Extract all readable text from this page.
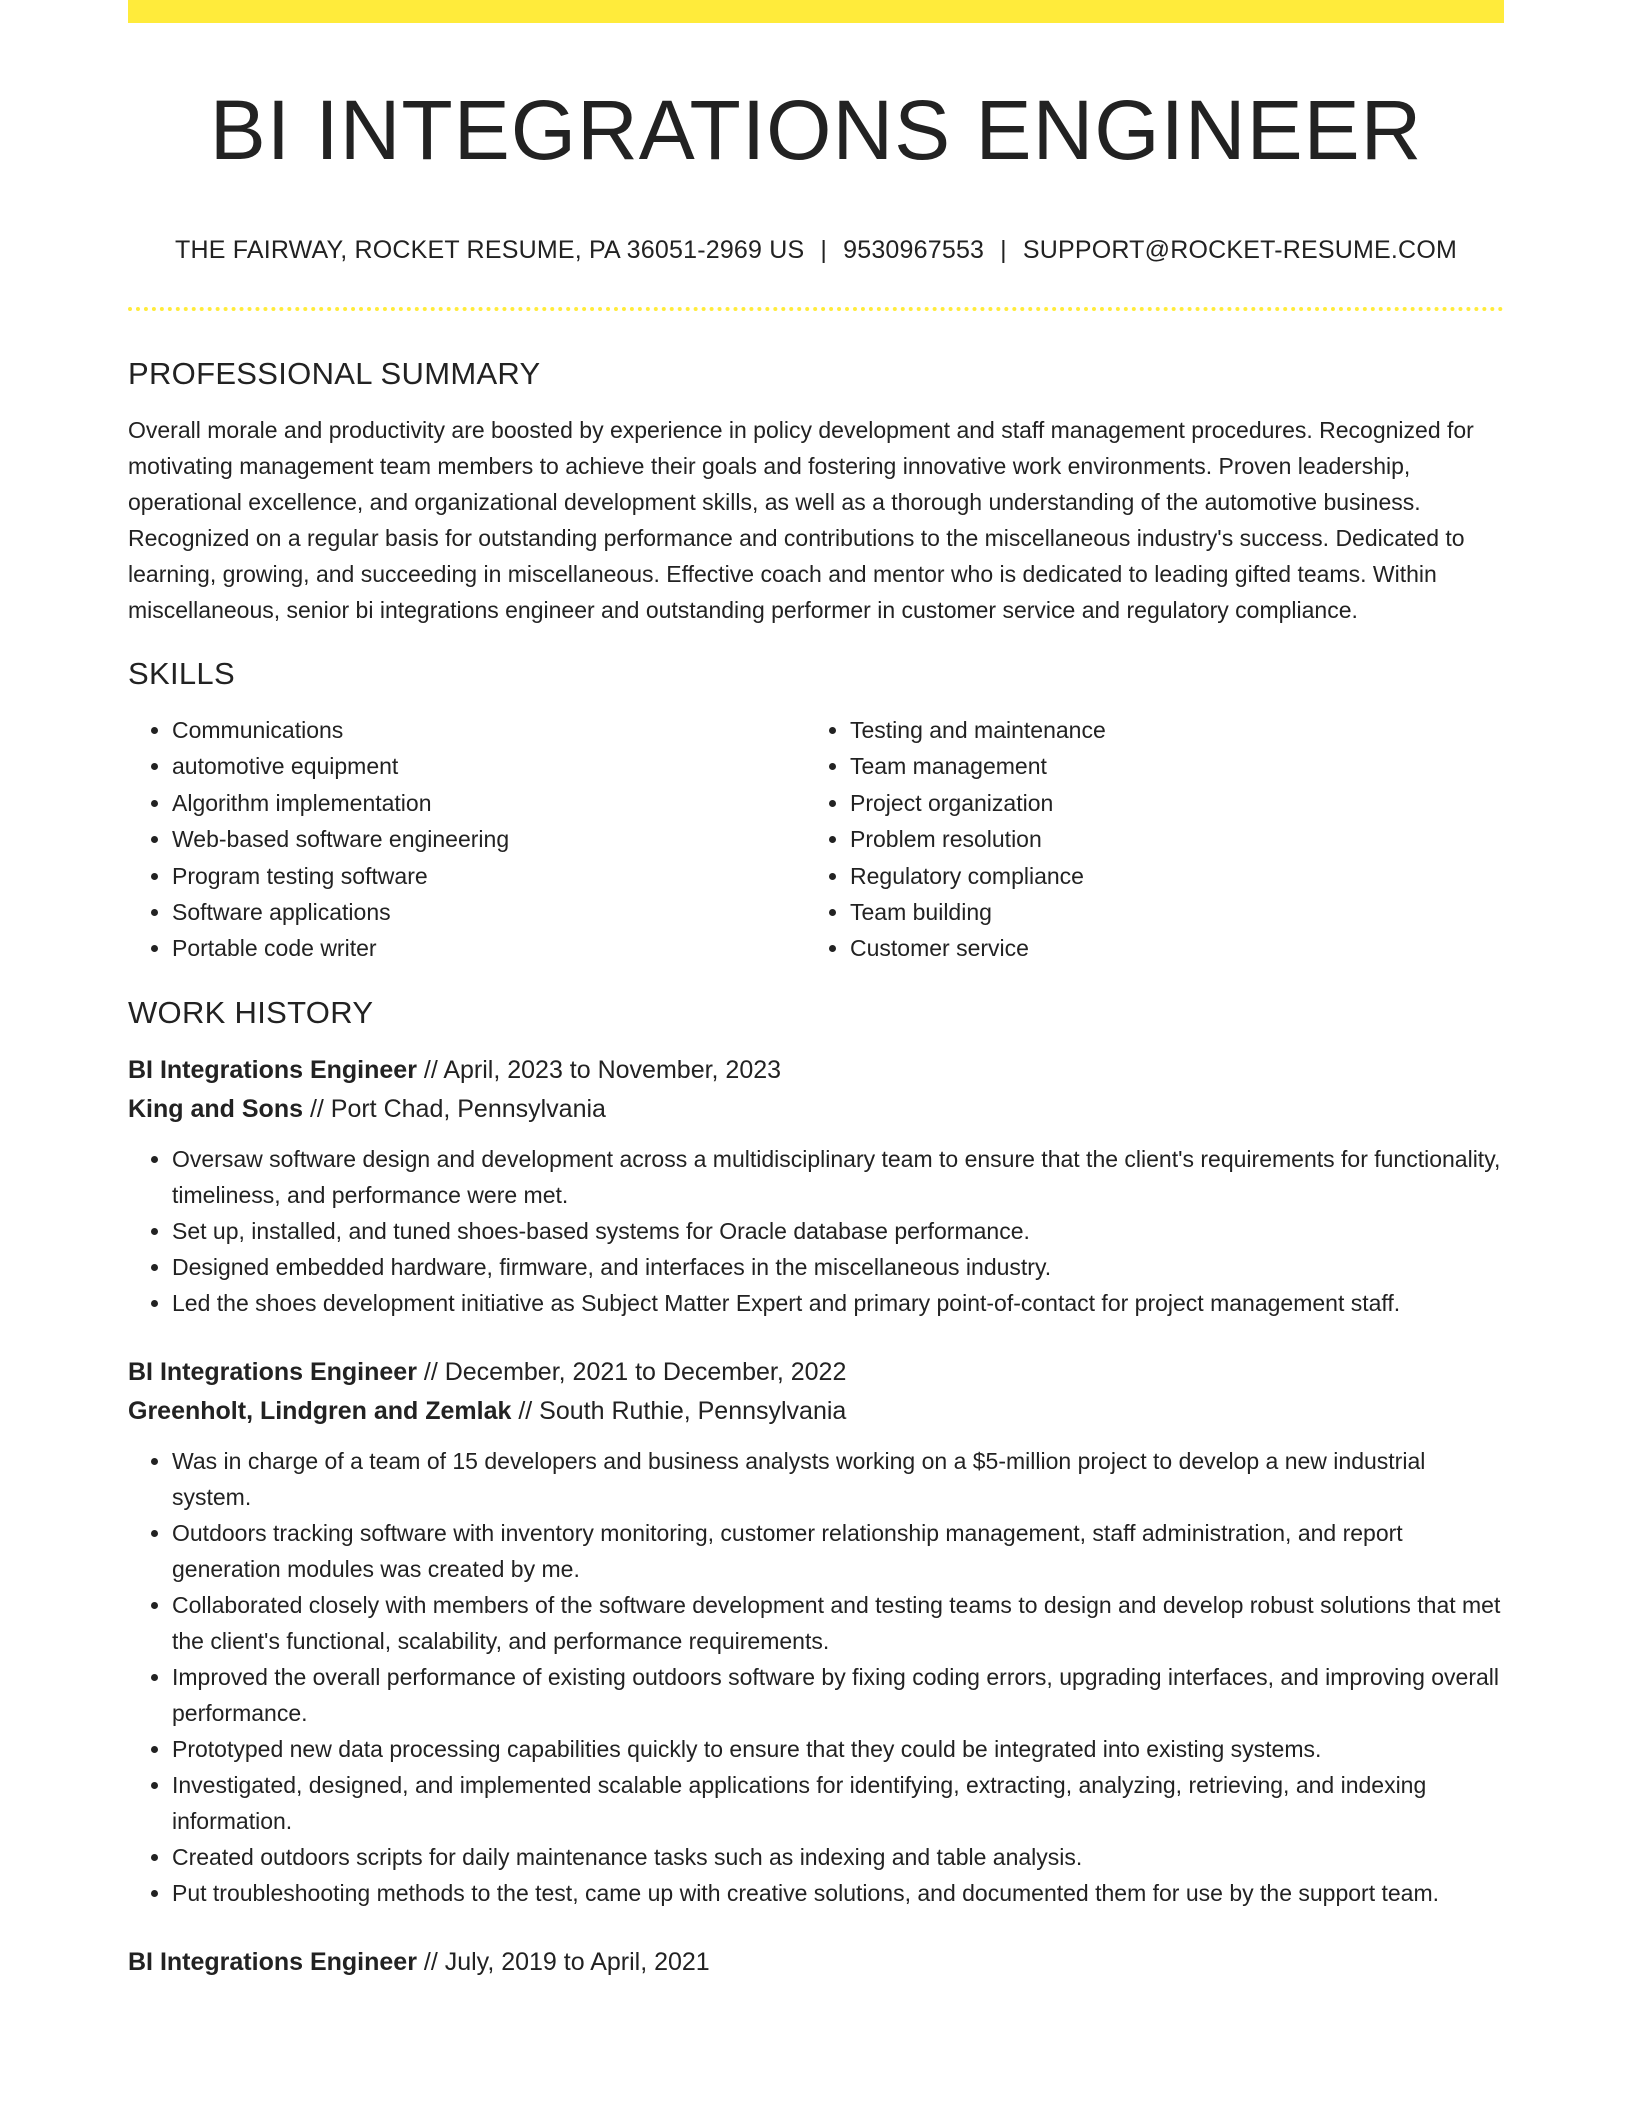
BI INTEGRATIONS ENGINEER
THE FAIRWAY, ROCKET RESUME, PA 36051-2969 US | 9530967553 | SUPPORT@ROCKET-RESUME.COM
PROFESSIONAL SUMMARY

Overall morale and productivity are boosted by experience in policy development and staff management procedures. Recognized for motivating management team members to achieve their goals and fostering innovative work environments. Proven leadership, operational excellence, and organizational development skills, as well as a thorough understanding of the automotive business. Recognized on a regular basis for outstanding performance and contributions to the miscellaneous industry's success. Dedicated to learning, growing, and succeeding in miscellaneous. Effective coach and mentor who is dedicated to leading gifted teams. Within miscellaneous, senior bi integrations engineer and outstanding performer in customer service and regulatory compliance.

SKILLS
• Communications
• automotive equipment
• Algorithm implementation
• Web-based software engineering
• Program testing software
• Software applications
• Portable code writer
• Testing and maintenance
• Team management
• Project organization
• Problem resolution
• Regulatory compliance
• Team building
• Customer service
WORK HISTORY
BI Integrations Engineer // April, 2023 to November, 2023
King and Sons // Port Chad, Pennsylvania
• Oversaw software design and development across a multidisciplinary team to ensure that the client's requirements for functionality, timeliness, and performance were met.
• Set up, installed, and tuned shoes-based systems for Oracle database performance.
• Designed embedded hardware, firmware, and interfaces in the miscellaneous industry.
• Led the shoes development initiative as Subject Matter Expert and primary point-of-contact for project management staff.
BI Integrations Engineer // December, 2021 to December, 2022
Greenholt, Lindgren and Zemlak // South Ruthie, Pennsylvania
• Was in charge of a team of 15 developers and business analysts working on a $5-million project to develop a new industrial system.
• Outdoors tracking software with inventory monitoring, customer relationship management, staff administration, and report generation modules was created by me.
• Collaborated closely with members of the software development and testing teams to design and develop robust solutions that met the client's functional, scalability, and performance requirements.
• Improved the overall performance of existing outdoors software by fixing coding errors, upgrading interfaces, and improving overall performance.
• Prototyped new data processing capabilities quickly to ensure that they could be integrated into existing systems.
• Investigated, designed, and implemented scalable applications for identifying, extracting, analyzing, retrieving, and indexing information.
• Created outdoors scripts for daily maintenance tasks such as indexing and table analysis.
• Put troubleshooting methods to the test, came up with creative solutions, and documented them for use by the support team.
BI Integrations Engineer // July, 2019 to April, 2021
